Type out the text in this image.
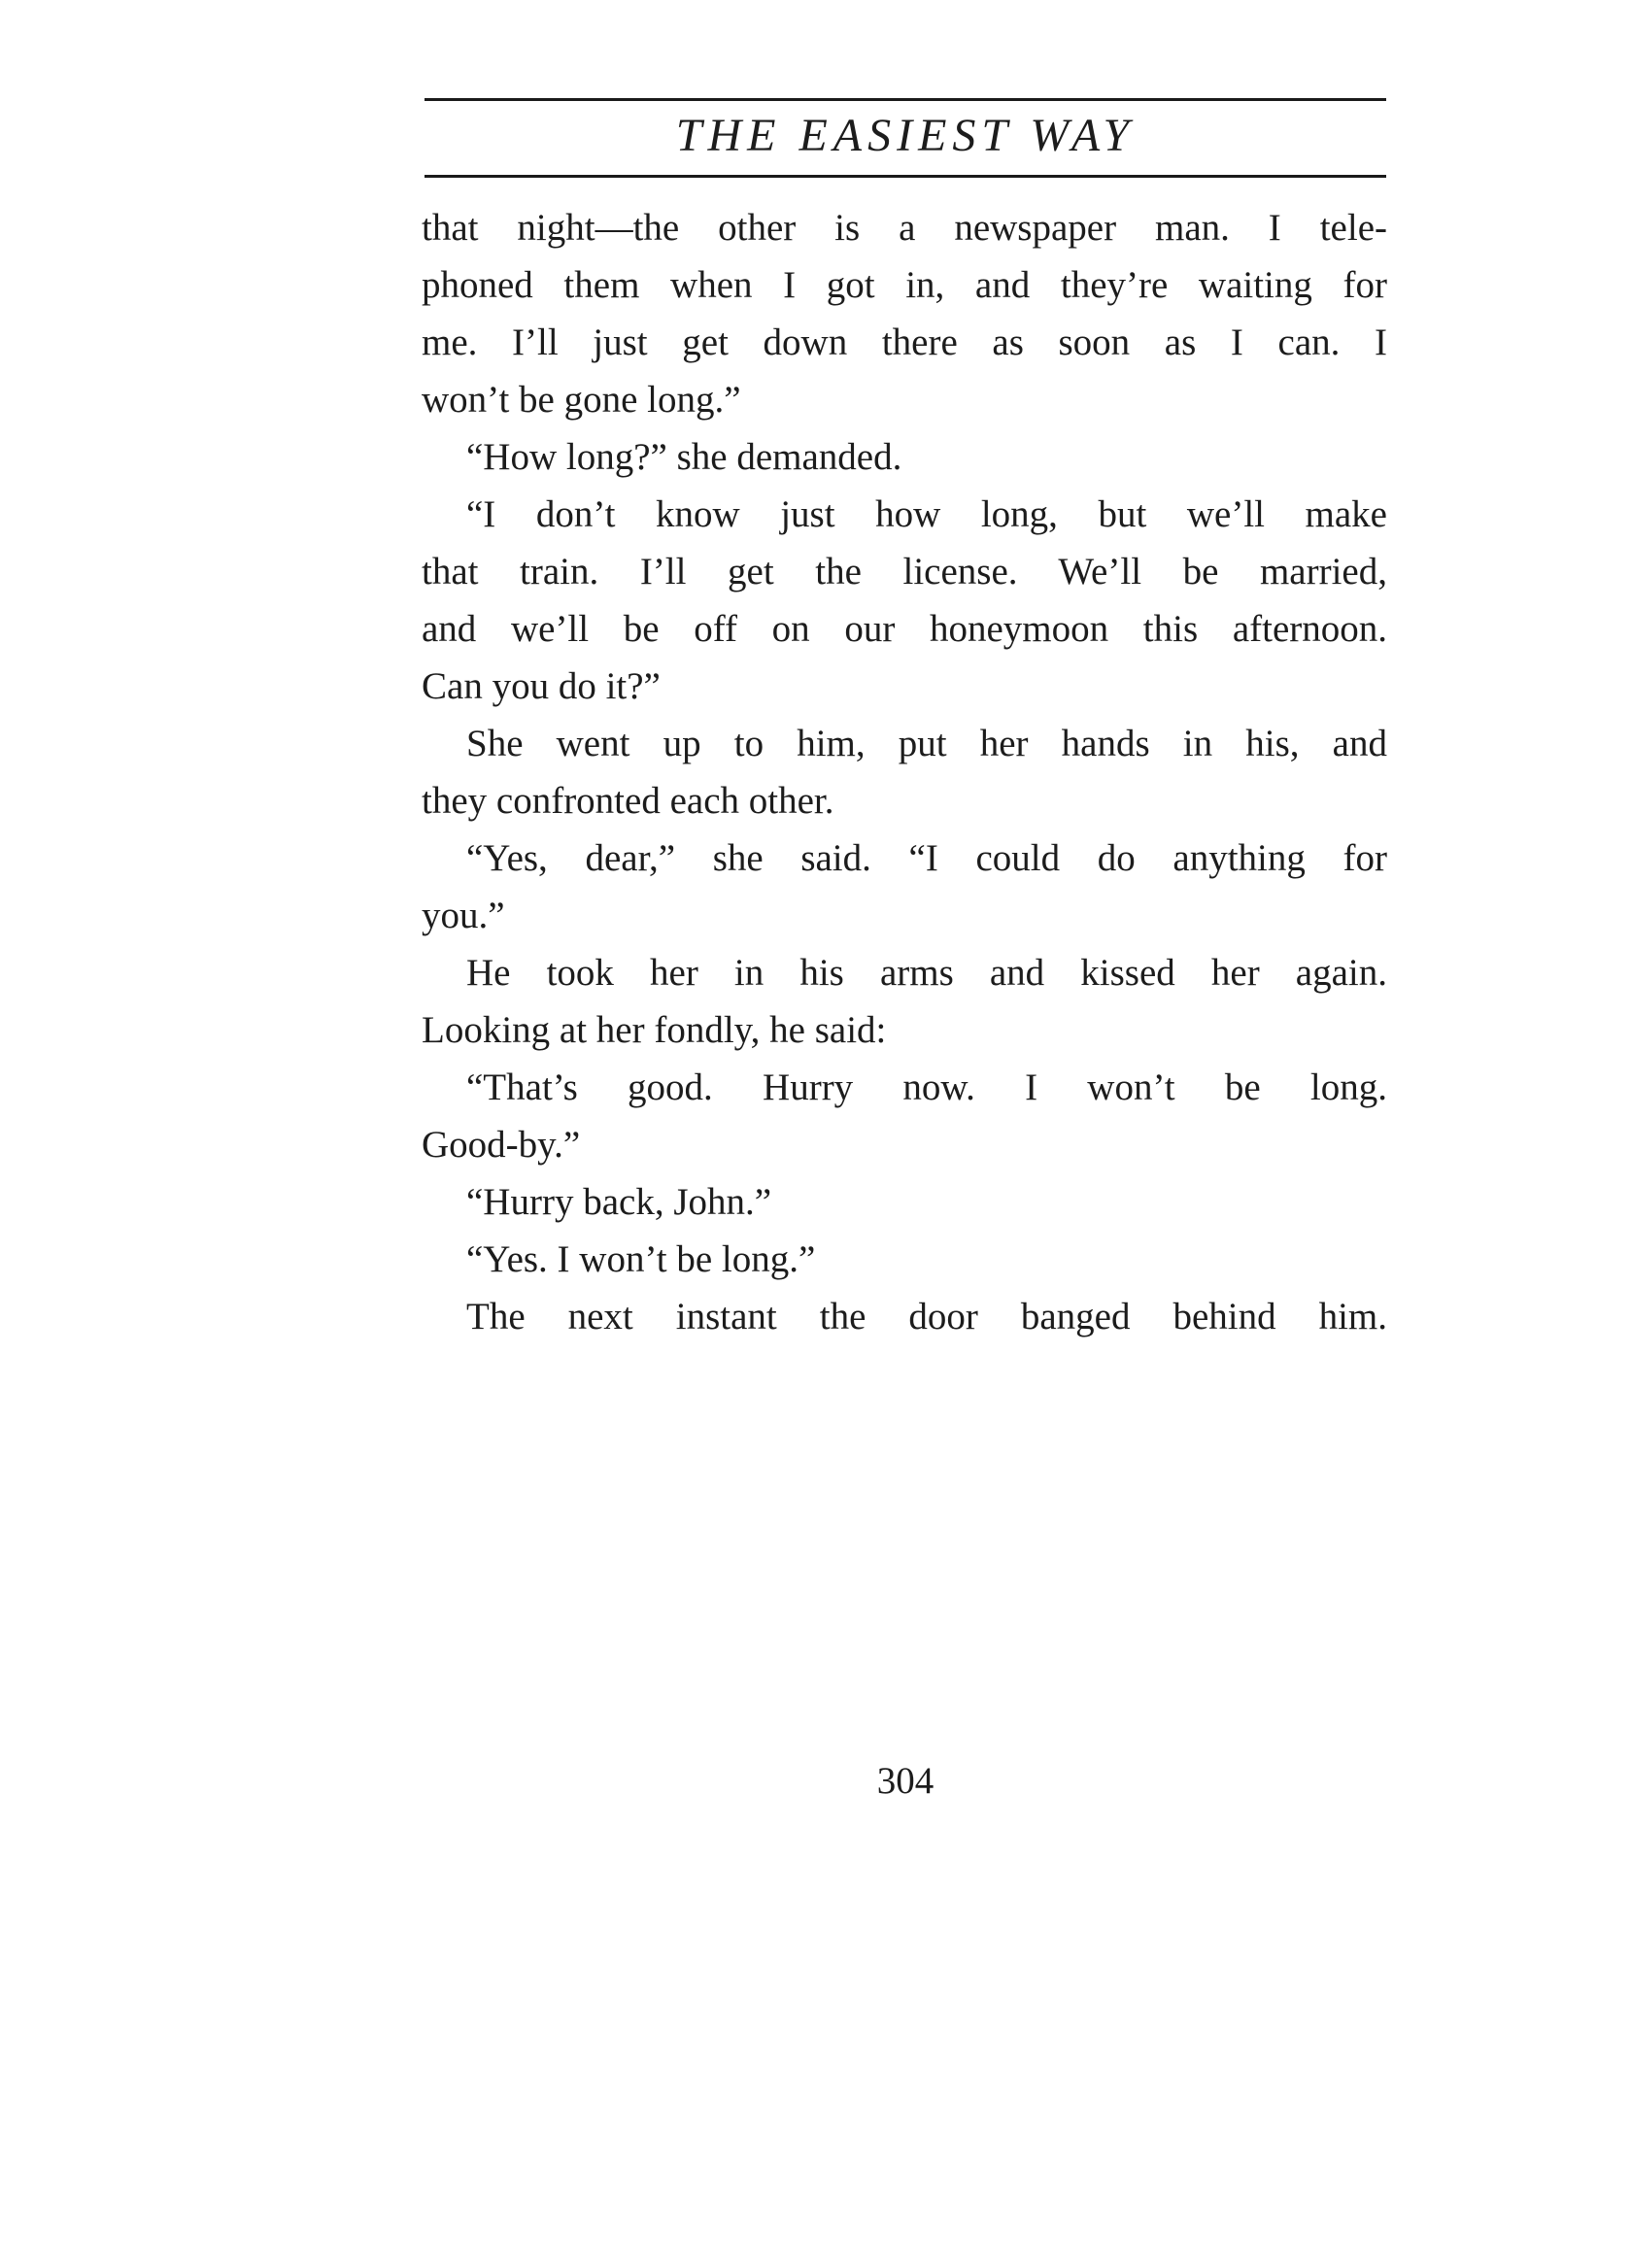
THE EASIEST WAY
that night—the other is a newspaper man. I tele-
phoned them when I got in, and they’re waiting for
me. I’ll just get down there as soon as I can. I
won’t be gone long.”
“How long?” she demanded.
“I don’t know just how long, but we’ll make
that train. I’ll get the license. We’ll be married,
and we’ll be off on our honeymoon this afternoon.
Can you do it?”
She went up to him, put her hands in his, and
they confronted each other.
“Yes, dear,” she said. “I could do anything for
you.”
He took her in his arms and kissed her again.
Looking at her fondly, he said:
“That’s good. Hurry now. I won’t be long.
Good-by.”
“Hurry back, John.”
“Yes. I won’t be long.”
The next instant the door banged behind him.
304
